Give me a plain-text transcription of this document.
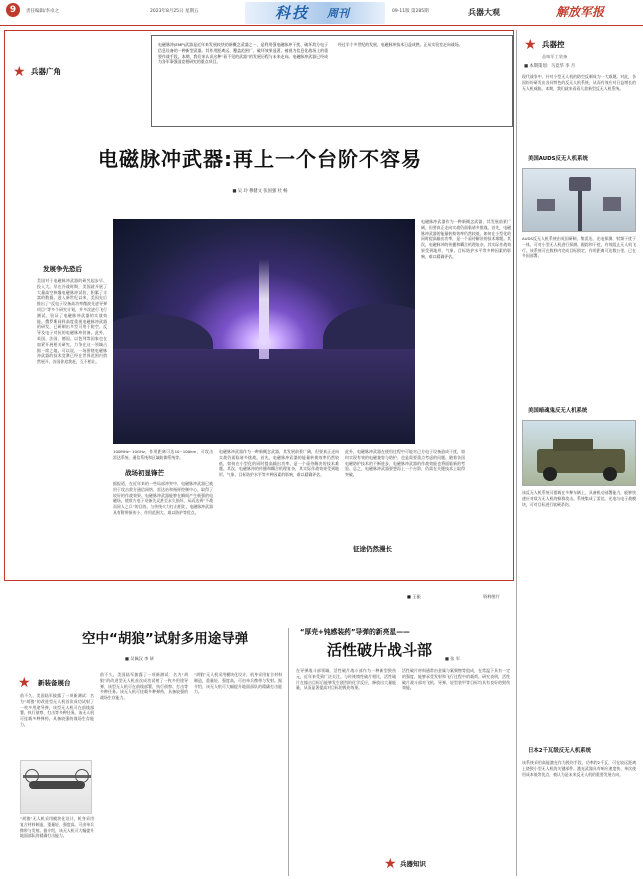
9	责任编辑/李卓之	2023年8月25日 星期五	科技 周刊	09-11版 第285期	兵器大观	解放军报
★ 兵器广角
电磁脉冲(EMP)武器是近年来发展较快的新概念武器之一，是利用强电磁脉冲干扰、破坏敌方电子信息设备的一种新型武器。其作用距离远、覆盖范围广、破坏效果显著，被视为信息化战场上的重要作战手段。本期，我们来认识这种“看不见的武器”的发展历程与未来走向。电磁脉冲武器已经成为各军事强国竞相研究的重点项目。
经过半个多世纪的发展，电磁脉冲技术日益成熟，正从实验室走向战场。
电磁脉冲武器:再上一个台阶不容易
■ 吴 玲 穆健文 张国强 杜 畅
发展争先恐后
美国对于电磁脉冲武器的研究起步早、投入大。早在冷战时期，美国就开展了大量高空核爆电磁脉冲试验，积累了丰富的数据。进入新世纪以来，美国先后推出了“反电子设备高功率微波先进导弹项目”等多个研究计划，并多次进行飞行测试，验证了电磁脉冲武器的实战效能。俄罗斯同样高度重视电磁脉冲武器的研发，已研制出多型可用于防空、反导及电子对抗的电磁脉冲装备。此外，英国、法国、德国、以色列等国家也在加紧开展相关研究，力争在这一领域占据一席之地。可以说，一场围绕电磁脉冲武器的技术竞赛已经在世界范围内悄然展开，各国你追我赶，互不相让。
100MHz~10GHz，作用距离可达10~100km，可攻击雷达系统、通信系统和区域防御系统等。
战场初显锋芒
据报道，在近年来的一些局部冲突中，电磁脉冲武器已被用于攻击敌方通信网络、雷达站和指挥控制中心，取得了较好的作战效果。电磁脉冲武器能够在瞬间产生极强的电磁场，使敌方电子设备失灵甚至永久损坏，从而达到“不战而屈人之兵”的目的。与传统火力打击相比，电磁脉冲武器具有附带损伤小、作用范围大、难以防护等优点。
电磁脉冲武器作为一种新概念武器，其发展前景广阔，但要真正走向实战仍面临诸多挑战。首先，电磁脉冲武器的能量转换效率仍然较低，如何在小型化的同时提高输出功率，是一个亟待解决的技术难题。其次，电磁脉冲的传播和耦合机理复杂，其实际作战效果受到地形、气象、目标防护水平等多种因素的影响，难以精确评估。
此外，电磁脉冲武器在使用过程中可能对己方电子设备造成干扰，如何实现有效的电磁兼容与防护，也是需要重点考虑的问题。随着各国电磁防护技术的不断进步，电磁脉冲武器的作战效能也将面临新的考验。总之，电磁脉冲武器要想再上一个台阶，仍需在关键技术上取得突破。
征途仍然漫长
电磁脉冲武器作为一种新概念武器，其发展前景广阔，但要真正走向实战仍面临诸多挑战。首先，电磁脉冲武器的能量转换效率仍然较低，如何在小型化的同时提高输出功率，是一个亟待解决的技术难题。其次，电磁脉冲的传播和耦合机理复杂，其实际作战效果受到地形、气象、目标防护水平等多种因素的影响，难以精确评估。
■ 王振	资料图片
空中“胡狼”试射多用途导弹
■ 吴佩汉 李 妍
★ 新装备展台
前不久，美国陆军披露了一项新测试：名为“胡狼”的改进型无人机首次成功试射了一枚多用途导弹，该型无人机可在前线部署，执行侦察、打击等多种任务。该无人机可挂载多种弹药，具备较强的战场生存能力。
“胡狼”无人机采用模块化设计，机身采用复合材料制造，重量轻、强度高，可由单兵携带与发射。据介绍，该无人机可大幅提升地面部队的精确打击能力。
前不久，美国陆军披露了一项新测试：名为“胡狼”的改进型无人机首次成功试射了一枚多用途导弹，该型无人机可在前线部署，执行侦察、打击等多种任务。该无人机可挂载多种弹药，具备较强的战场生存能力。
“胡狼”无人机采用模块化设计，机身采用复合材料制造，重量轻、强度高，可由单兵携带与发射。据介绍，该无人机可大幅提升地面部队的精确打击能力。
“厚壳+钝感装药”导弹的新亮星——
活性破片战斗部	■ 张 军
在导弹战斗部领域，活性破片战斗部作为一种新型毁伤元，近年来受到广泛关注。与传统惰性破片相比，活性破片在撞击目标后能够发生剧烈的化学反应，释放出大量能量，从而显著提高对目标的毁伤效果。
活性破片材料通常由金属与氟聚物等组成，在常温下具有一定的强度，能够承受发射和飞行过程中的载荷。研究表明，活性破片战斗部对飞机、导弹、轻型装甲等目标均具有良好的毁伤效能。
★ 兵器知识
★ 兵器控
品味军工装备
■ 本期策划：马竟华 李 月
现代战争中，针对小型无人机的防空反制成为一大难题。对此，各国纷纷研发出各具特色的反无人机系统，从而有效应对日益增长的无人机威胁。本期，我们就来看看几款新型反无人机系统。
美国AUDS反无人机系统
AUDS反无人机系统由英国研制，集雷达、光电探测、射频干扰于一体，可对小型无人机进行探测、跟踪和干扰，有效阻止无人机飞行。该系统可在数秒内完成目标锁定，作用距离可达数公里，已在多国部署。
美国暗魂鬼反无人机系统
该反无人机系统可搭载在多种车辆上，具备机动部署能力，能够快速应对敌方无人机的蜂群攻击。系统集成了雷达、光电与电子战模块，可对目标进行软硬杀伤。
日本2千瓦级反无人机系统
该系统采用高能激光作为毁伤手段，功率约2千瓦，可在较远距离上烧毁小型无人机的关键部件。激光武器具有响应速度快、单次使用成本低等优点，被认为是未来反无人机的重要发展方向。
